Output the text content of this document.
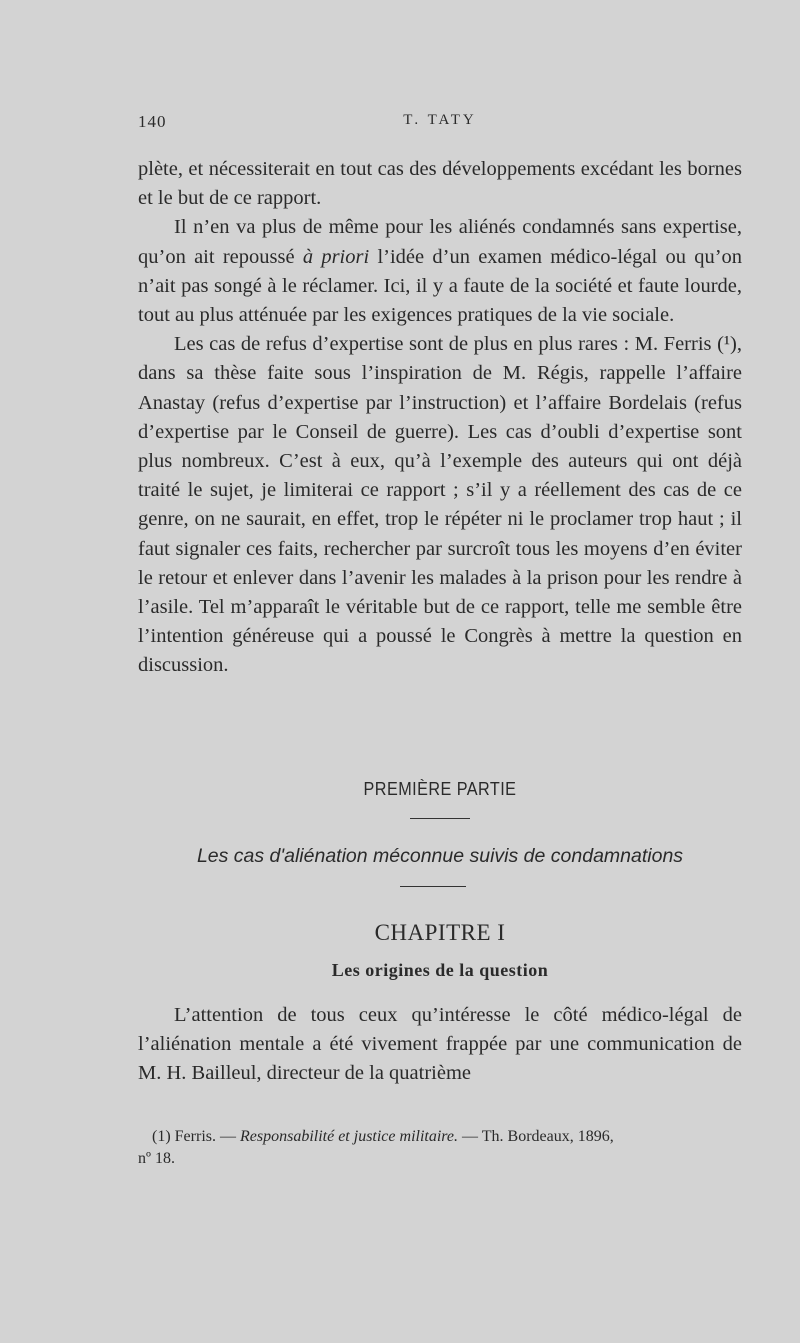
140	T. TATY

plète, et nécessiterait en tout cas des développements excédant les bornes et le but de ce rapport.

Il n’en va plus de même pour les aliénés condamnés sans expertise, qu’on ait repoussé à priori l’idée d’un examen médico-légal ou qu’on n’ait pas songé à le réclamer. Ici, il y a faute de la société et faute lourde, tout au plus atténuée par les exigences pratiques de la vie sociale.

Les cas de refus d’expertise sont de plus en plus rares : M. Ferris (¹), dans sa thèse faite sous l’inspiration de M. Régis, rappelle l’affaire Anastay (refus d’expertise par l’instruction) et l’affaire Bordelais (refus d’expertise par le Conseil de guerre). Les cas d’oubli d’expertise sont plus nombreux. C’est à eux, qu’à l’exemple des auteurs qui ont déjà traité le sujet, je limiterai ce rapport ; s’il y a réellement des cas de ce genre, on ne saurait, en effet, trop le répéter ni le proclamer trop haut ; il faut signaler ces faits, rechercher par surcroît tous les moyens d’en éviter le retour et enlever dans l’avenir les malades à la prison pour les rendre à l’asile. Tel m’apparaît le véritable but de ce rapport, telle me semble être l’intention généreuse qui a poussé le Congrès à mettre la question en discussion.

PREMIÈRE PARTIE
Les cas d'aliénation méconnue suivis de condamnations
CHAPITRE I
Les origines de la question

L’attention de tous ceux qu’intéresse le côté médico-légal de l’aliénation mentale a été vivement frappée par une communication de M. H. Bailleul, directeur de la quatrième

(1) Ferris. — Responsabilité et justice militaire. — Th. Bordeaux, 1896,

nº 18.
